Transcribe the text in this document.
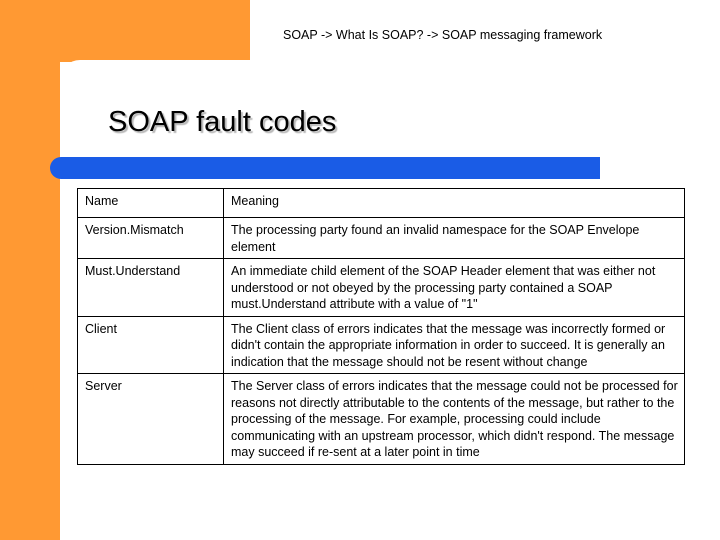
SOAP -> What Is SOAP? -> SOAP messaging framework
SOAP fault codes
Name	Meaning
Version.Mismatch	The processing party found an invalid namespace for the SOAP Envelope element
Must.Understand	An immediate child element of the SOAP Header element that was either not understood or not obeyed by the processing party contained a SOAP must.Understand attribute with a value of "1"
Client	The Client class of errors indicates that the message was incorrectly formed or didn't contain the appropriate information in order to succeed. It is generally an indication that the message should not be resent without change
Server	The Server class of errors indicates that the message could not be processed for reasons not directly attributable to the contents of the message, but rather to the processing of the message. For example, processing could include communicating with an upstream processor, which didn't respond. The message may succeed if re-sent at a later point in time
